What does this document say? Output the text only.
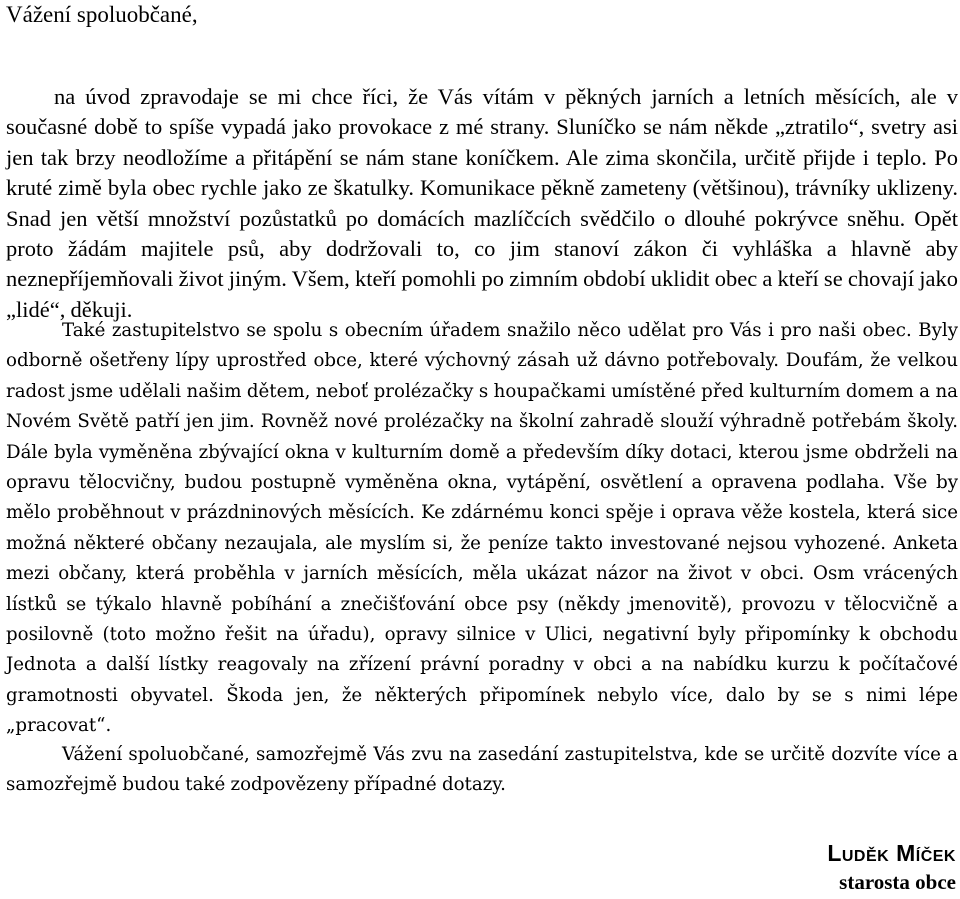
Vážení spoluobčané,

na úvod zpravodaje se mi chce říci, že Vás vítám v pěkných jarních a letních měsících, ale v současné době to spíše vypadá jako provokace z mé strany. Sluníčko se nám někde „ztratilo“, svetry asi jen tak brzy neodložíme a přitápění se nám stane koníčkem. Ale zima skončila, určitě přijde i teplo. Po kruté zimě byla obec rychle jako ze škatulky. Komunikace pěkně zameteny (většinou), trávníky uklizeny. Snad jen větší množství pozůstatků po domácích mazlíčcích svědčilo o dlouhé pokrývce sněhu. Opět proto žádám majitele psů, aby dodržovali to, co jim stanoví zákon či vyhláška a hlavně aby neznepříjemňovali život jiným. Všem, kteří pomohli po zimním období uklidit obec a kteří se chovají jako „lidé“, děkuji.

Také zastupitelstvo se spolu s obecním úřadem snažilo něco udělat pro Vás i pro naši obec. Byly odborně ošetřeny lípy uprostřed obce, které výchovný zásah už dávno potřebovaly. Doufám, že velkou radost jsme udělali našim dětem, neboť prolézačky s houpačkami umístěné před kulturním domem a na Novém Světě patří jen jim. Rovněž nové prolézačky na školní zahradě slouží výhradně potřebám školy. Dále byla vyměněna zbývající okna v kulturním domě a především díky dotaci, kterou jsme obdrželi na opravu tělocvičny, budou postupně vyměněna okna, vytápění, osvětlení a opravena podlaha. Vše by mělo proběhnout v prázdninových měsících. Ke zdárnému konci spěje i oprava věže kostela, která sice možná některé občany nezaujala, ale myslím si, že peníze takto investované nejsou vyhozené. Anketa mezi občany, která proběhla v jarních měsících, měla ukázat názor na život v obci. Osm vrácených lístků se týkalo hlavně pobíhání a znečišťování obce psy (někdy jmenovitě), provozu v tělocvičně a posilovně (toto možno řešit na úřadu), opravy silnice v Ulici, negativní byly připomínky k obchodu Jednota a další lístky reagovaly na zřízení právní poradny v obci a na nabídku kurzu k počítačové gramotnosti obyvatel. Škoda jen, že některých připomínek nebylo více, dalo by se s nimi lépe „pracovat“.

Vážení spoluobčané, samozřejmě Vás zvu na zasedání zastupitelstva, kde se určitě dozvíte více a samozřejmě budou také zodpovězeny případné dotazy.

Luděk Míček
starosta obce
